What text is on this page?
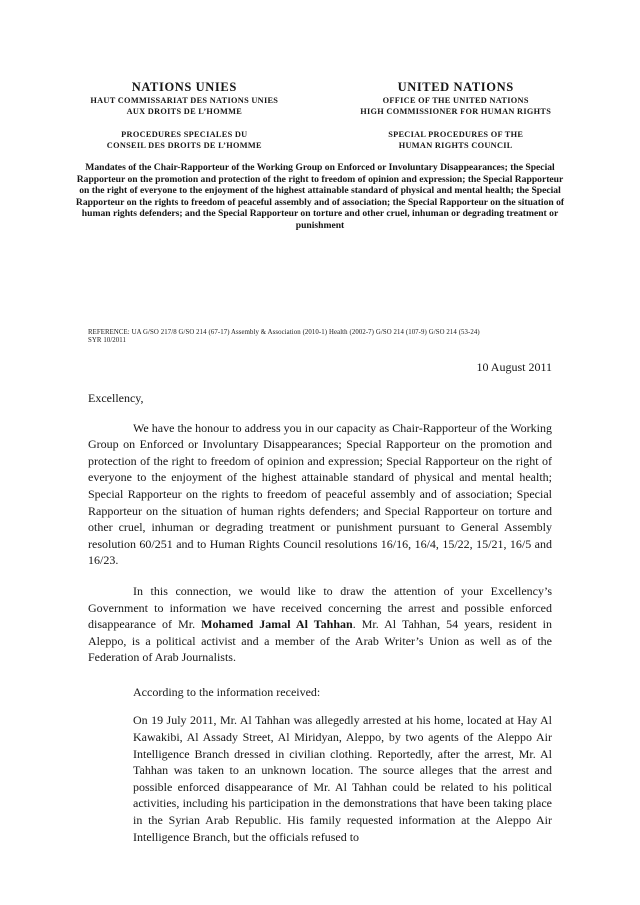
NATIONS UNIES
HAUT COMMISSARIAT DES NATIONS UNIES
AUX DROITS DE L’HOMME
PROCEDURES SPECIALES DU
CONSEIL DES DROITS DE L’HOMME
UNITED NATIONS
OFFICE OF THE UNITED NATIONS
HIGH COMMISSIONER FOR HUMAN RIGHTS
SPECIAL PROCEDURES OF THE
HUMAN RIGHTS COUNCIL
Mandates of the Chair-Rapporteur of the Working Group on Enforced or Involuntary Disappearances; the Special Rapporteur on the promotion and protection of the right to freedom of opinion and expression; the Special Rapporteur on the right of everyone to the enjoyment of the highest attainable standard of physical and mental health; the Special Rapporteur on the rights to freedom of peaceful assembly and of association; the Special Rapporteur on the situation of human rights defenders; and the Special Rapporteur on torture and other cruel, inhuman or degrading treatment or punishment
REFERENCE: UA G/SO 217/8 G/SO 214 (67-17) Assembly & Association (2010-1) Health (2002-7) G/SO 214 (107-9) G/SO 214 (53-24)
SYR 10/2011
10 August 2011
Excellency,

We have the honour to address you in our capacity as Chair-Rapporteur of the Working Group on Enforced or Involuntary Disappearances; Special Rapporteur on the promotion and protection of the right to freedom of opinion and expression; Special Rapporteur on the right of everyone to the enjoyment of the highest attainable standard of physical and mental health; Special Rapporteur on the rights to freedom of peaceful assembly and of association; Special Rapporteur on the situation of human rights defenders; and Special Rapporteur on torture and other cruel, inhuman or degrading treatment or punishment pursuant to General Assembly resolution 60/251 and to Human Rights Council resolutions 16/16, 16/4, 15/22, 15/21, 16/5 and 16/23.

In this connection, we would like to draw the attention of your Excellency’s Government to information we have received concerning the arrest and possible enforced disappearance of Mr. Mohamed Jamal Al Tahhan. Mr. Al Tahhan, 54 years, resident in Aleppo, is a political activist and a member of the Arab Writer’s Union as well as of the Federation of Arab Journalists.

According to the information received:

On 19 July 2011, Mr. Al Tahhan was allegedly arrested at his home, located at Hay Al Kawakibi, Al Assady Street, Al Miridyan, Aleppo, by two agents of the Aleppo Air Intelligence Branch dressed in civilian clothing. Reportedly, after the arrest, Mr. Al Tahhan was taken to an unknown location. The source alleges that the arrest and possible enforced disappearance of Mr. Al Tahhan could be related to his political activities, including his participation in the demonstrations that have been taking place in the Syrian Arab Republic. His family requested information at the Aleppo Air Intelligence Branch, but the officials refused to
